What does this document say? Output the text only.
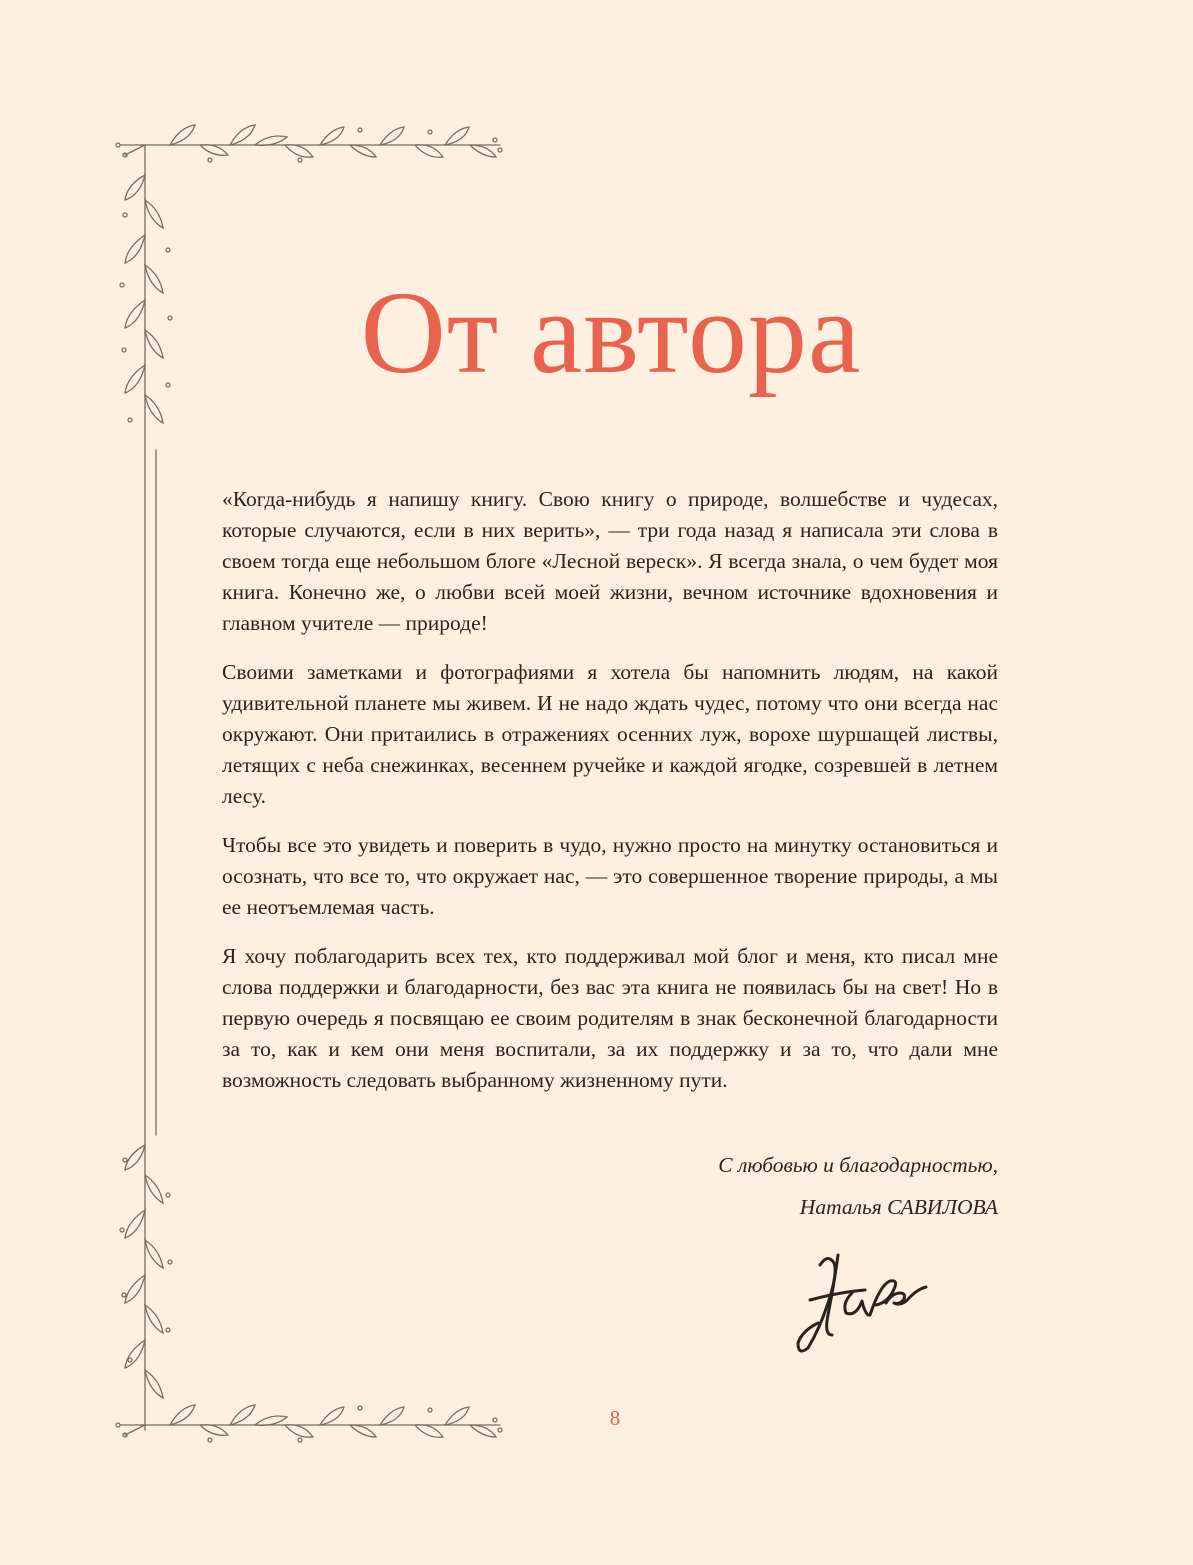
От автора

«Когда-нибудь я напишу книгу. Свою книгу о природе, волшебстве и чудесах, которые случаются, если в них верить», — три года назад я написала эти слова в своем тогда еще небольшом блоге «Лесной вереск». Я всегда знала, о чем будет моя книга. Конечно же, о любви всей моей жизни, вечном источнике вдохновения и главном учителе — природе!

Своими заметками и фотографиями я хотела бы напомнить людям, на какой удивительной планете мы живем. И не надо ждать чудес, потому что они всегда нас окружают. Они притаились в отражениях осенних луж, ворохе шуршащей листвы, летящих с неба снежинках, весеннем ручейке и каждой ягодке, созревшей в летнем лесу.

Чтобы все это увидеть и поверить в чудо, нужно просто на минутку остановиться и осознать, что все то, что окружает нас, — это совершенное творение природы, а мы ее неотъемлемая часть.

Я хочу поблагодарить всех тех, кто поддерживал мой блог и меня, кто писал мне слова поддержки и благодарности, без вас эта книга не появилась бы на свет! Но в первую очередь я посвящаю ее своим родителям в знак бесконечной благодарности за то, как и кем они меня воспитали, за их поддержку и за то, что дали мне возможность следовать выбранному жизненному пути.

С любовью и благодарностью,
Наталья САВИЛОВА
8
